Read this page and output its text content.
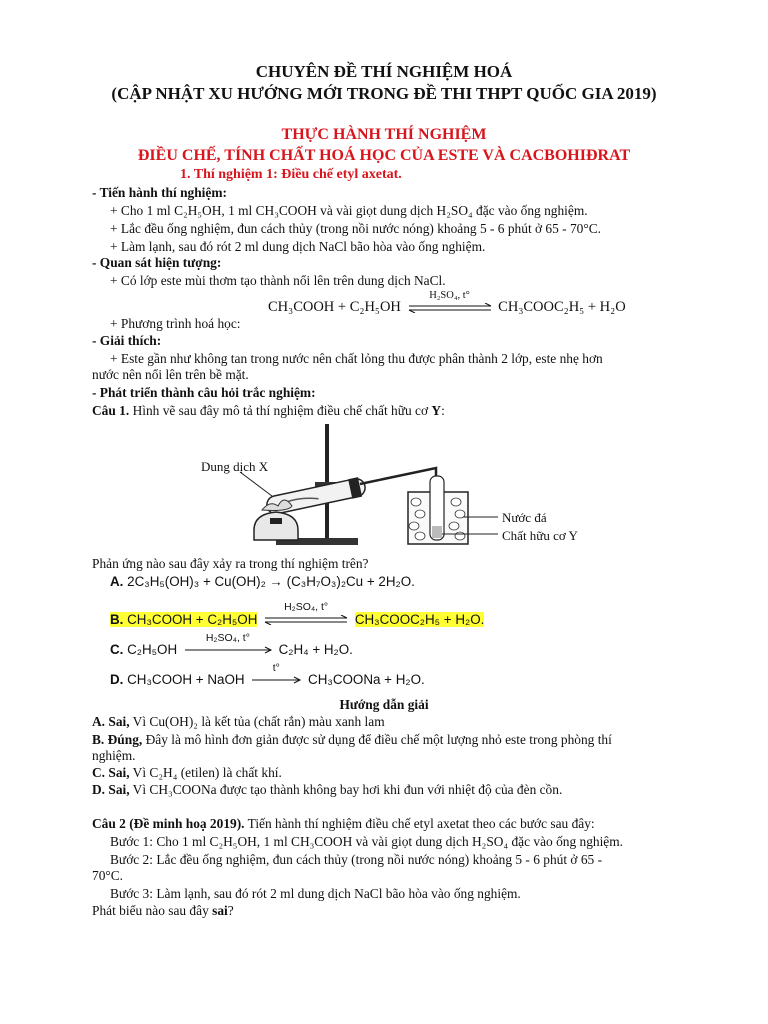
CHUYÊN ĐỀ THÍ NGHIỆM HOÁ
(CẬP NHẬT XU HƯỚNG MỚI TRONG ĐỀ THI THPT QUỐC GIA 2019)
THỰC HÀNH THÍ NGHIỆM
ĐIỀU CHẾ, TÍNH CHẤT HOÁ HỌC CỦA ESTE VÀ CACBOHIĐRAT
1. Thí nghiệm 1: Điều chế etyl axetat.
- Tiến hành thí nghiệm:
+ Cho 1 ml C₂H₅OH, 1 ml CH₃COOH và vài giọt dung dịch H₂SO₄ đặc vào ống nghiệm.
+ Lắc đều ống nghiệm, đun cách thủy (trong nồi nước nóng) khoảng 5 - 6 phút ở 65 - 70°C.
+ Làm lạnh, sau đó rót 2 ml dung dịch NaCl bão hòa vào ống nghiệm.
- Quan sát hiện tượng:
+ Có lớp este mùi thơm tạo thành nổi lên trên dung dịch NaCl.
CH₃COOH + C₂H₅OH
H₂SO₄, t°
CH₃COOC₂H₅ + H₂O
+ Phương trình hoá học:
- Giải thích:
+ Este gần như không tan trong nước nên chất lỏng thu được phân thành 2 lớp, este nhẹ hơn
nước nên nổi lên trên bề mặt.
- Phát triển thành câu hỏi trắc nghiệm:
Câu 1. Hình vẽ sau đây mô tả thí nghiệm điều chế chất hữu cơ Y:
Dung dịch X
Nước đá
Chất hữu cơ Y
Phản ứng nào sau đây xảy ra trong thí nghiệm trên?
A. 2C₃H₅(OH)₃ + Cu(OH)₂ → (C₃H₇O₃)₂Cu + 2H₂O.
B. CH₃COOH + C₂H₅OH
H₂SO₄, t°
CH₃COOC₂H₅ + H₂O.
C. C₂H₅OH
H₂SO₄, t°
C₂H₄ + H₂O.
D. CH₃COOH + NaOH
t°
CH₃COONa + H₂O.
Hướng dẫn giải
A. Sai, Vì Cu(OH)₂ là kết tủa (chất rắn) màu xanh lam
B. Đúng, Đây là mô hình đơn giản được sử dụng để điều chế một lượng nhỏ este trong phòng thí
nghiệm.
C. Sai, Vì C₂H₄ (etilen) là chất khí.
D. Sai, Vì CH₃COONa được tạo thành không bay hơi khi đun với nhiệt độ của đèn cồn.
Câu 2 (Đề minh hoạ 2019). Tiến hành thí nghiệm điều chế etyl axetat theo các bước sau đây:
Bước 1: Cho 1 ml C₂H₅OH, 1 ml CH₃COOH và vài giọt dung dịch H₂SO₄ đặc vào ống nghiệm.
Bước 2: Lắc đều ống nghiệm, đun cách thủy (trong nồi nước nóng) khoảng 5 - 6 phút ở 65 -
70°C.
Bước 3: Làm lạnh, sau đó rót 2 ml dung dịch NaCl bão hòa vào ống nghiệm.
Phát biểu nào sau đây sai?
